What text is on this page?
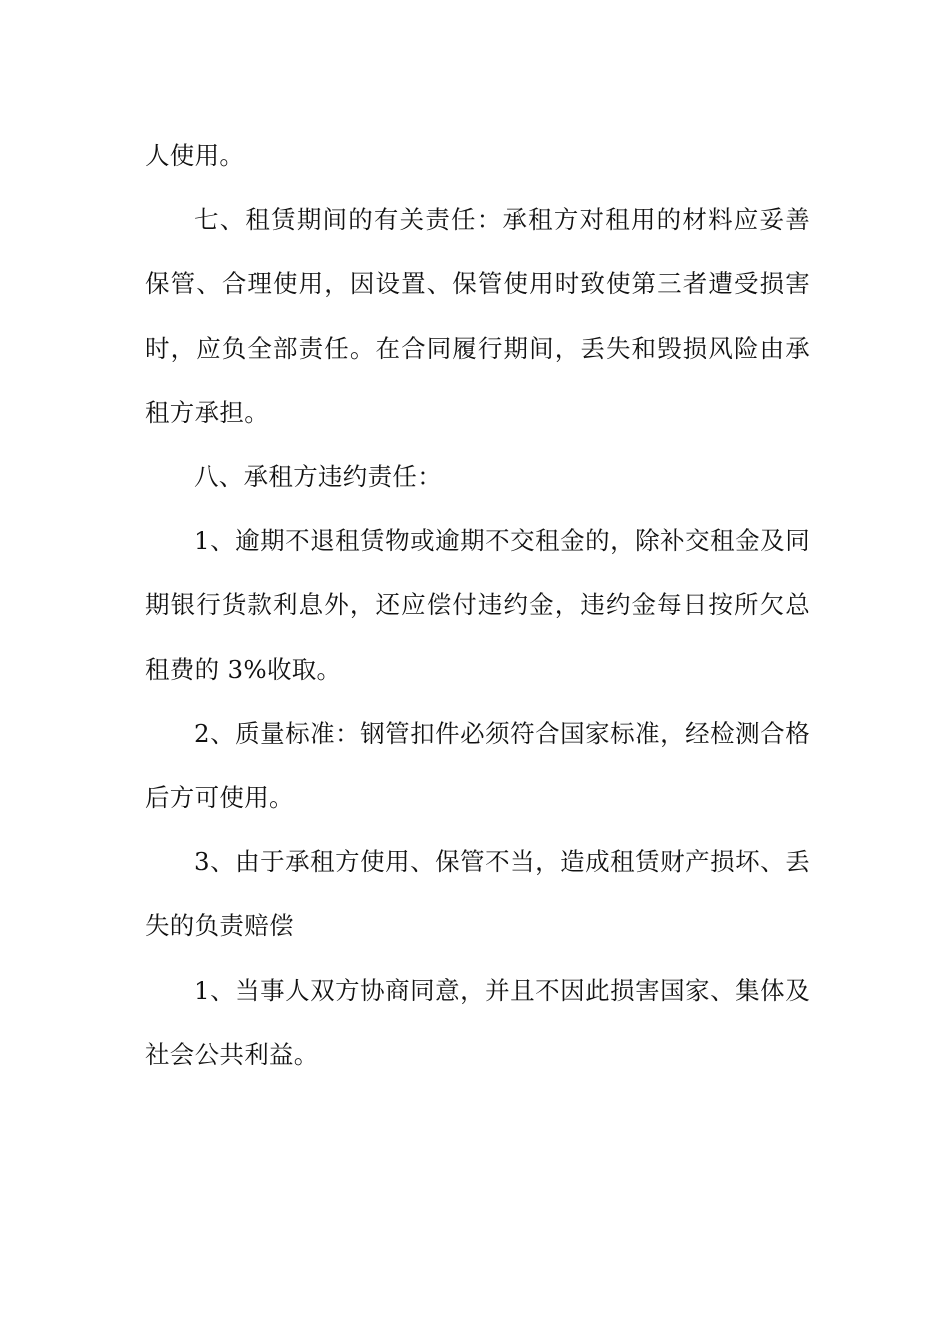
人使用。

七、租赁期间的有关责任：承租方对租用的材料应妥善保管、合理使用，因设置、保管使用时致使第三者遭受损害时，应负全部责任。在合同履行期间，丢失和毁损风险由承租方承担。

八、承租方违约责任：

1、逾期不退租赁物或逾期不交租金的，除补交租金及同期银行货款利息外，还应偿付违约金，违约金每日按所欠总租费的 3%收取。

2、质量标准：钢管扣件必须符合国家标准，经检测合格后方可使用。

3、由于承租方使用、保管不当，造成租赁财产损坏、丢失的负责赔偿

1、当事人双方协商同意，并且不因此损害国家、集体及社会公共利益。
